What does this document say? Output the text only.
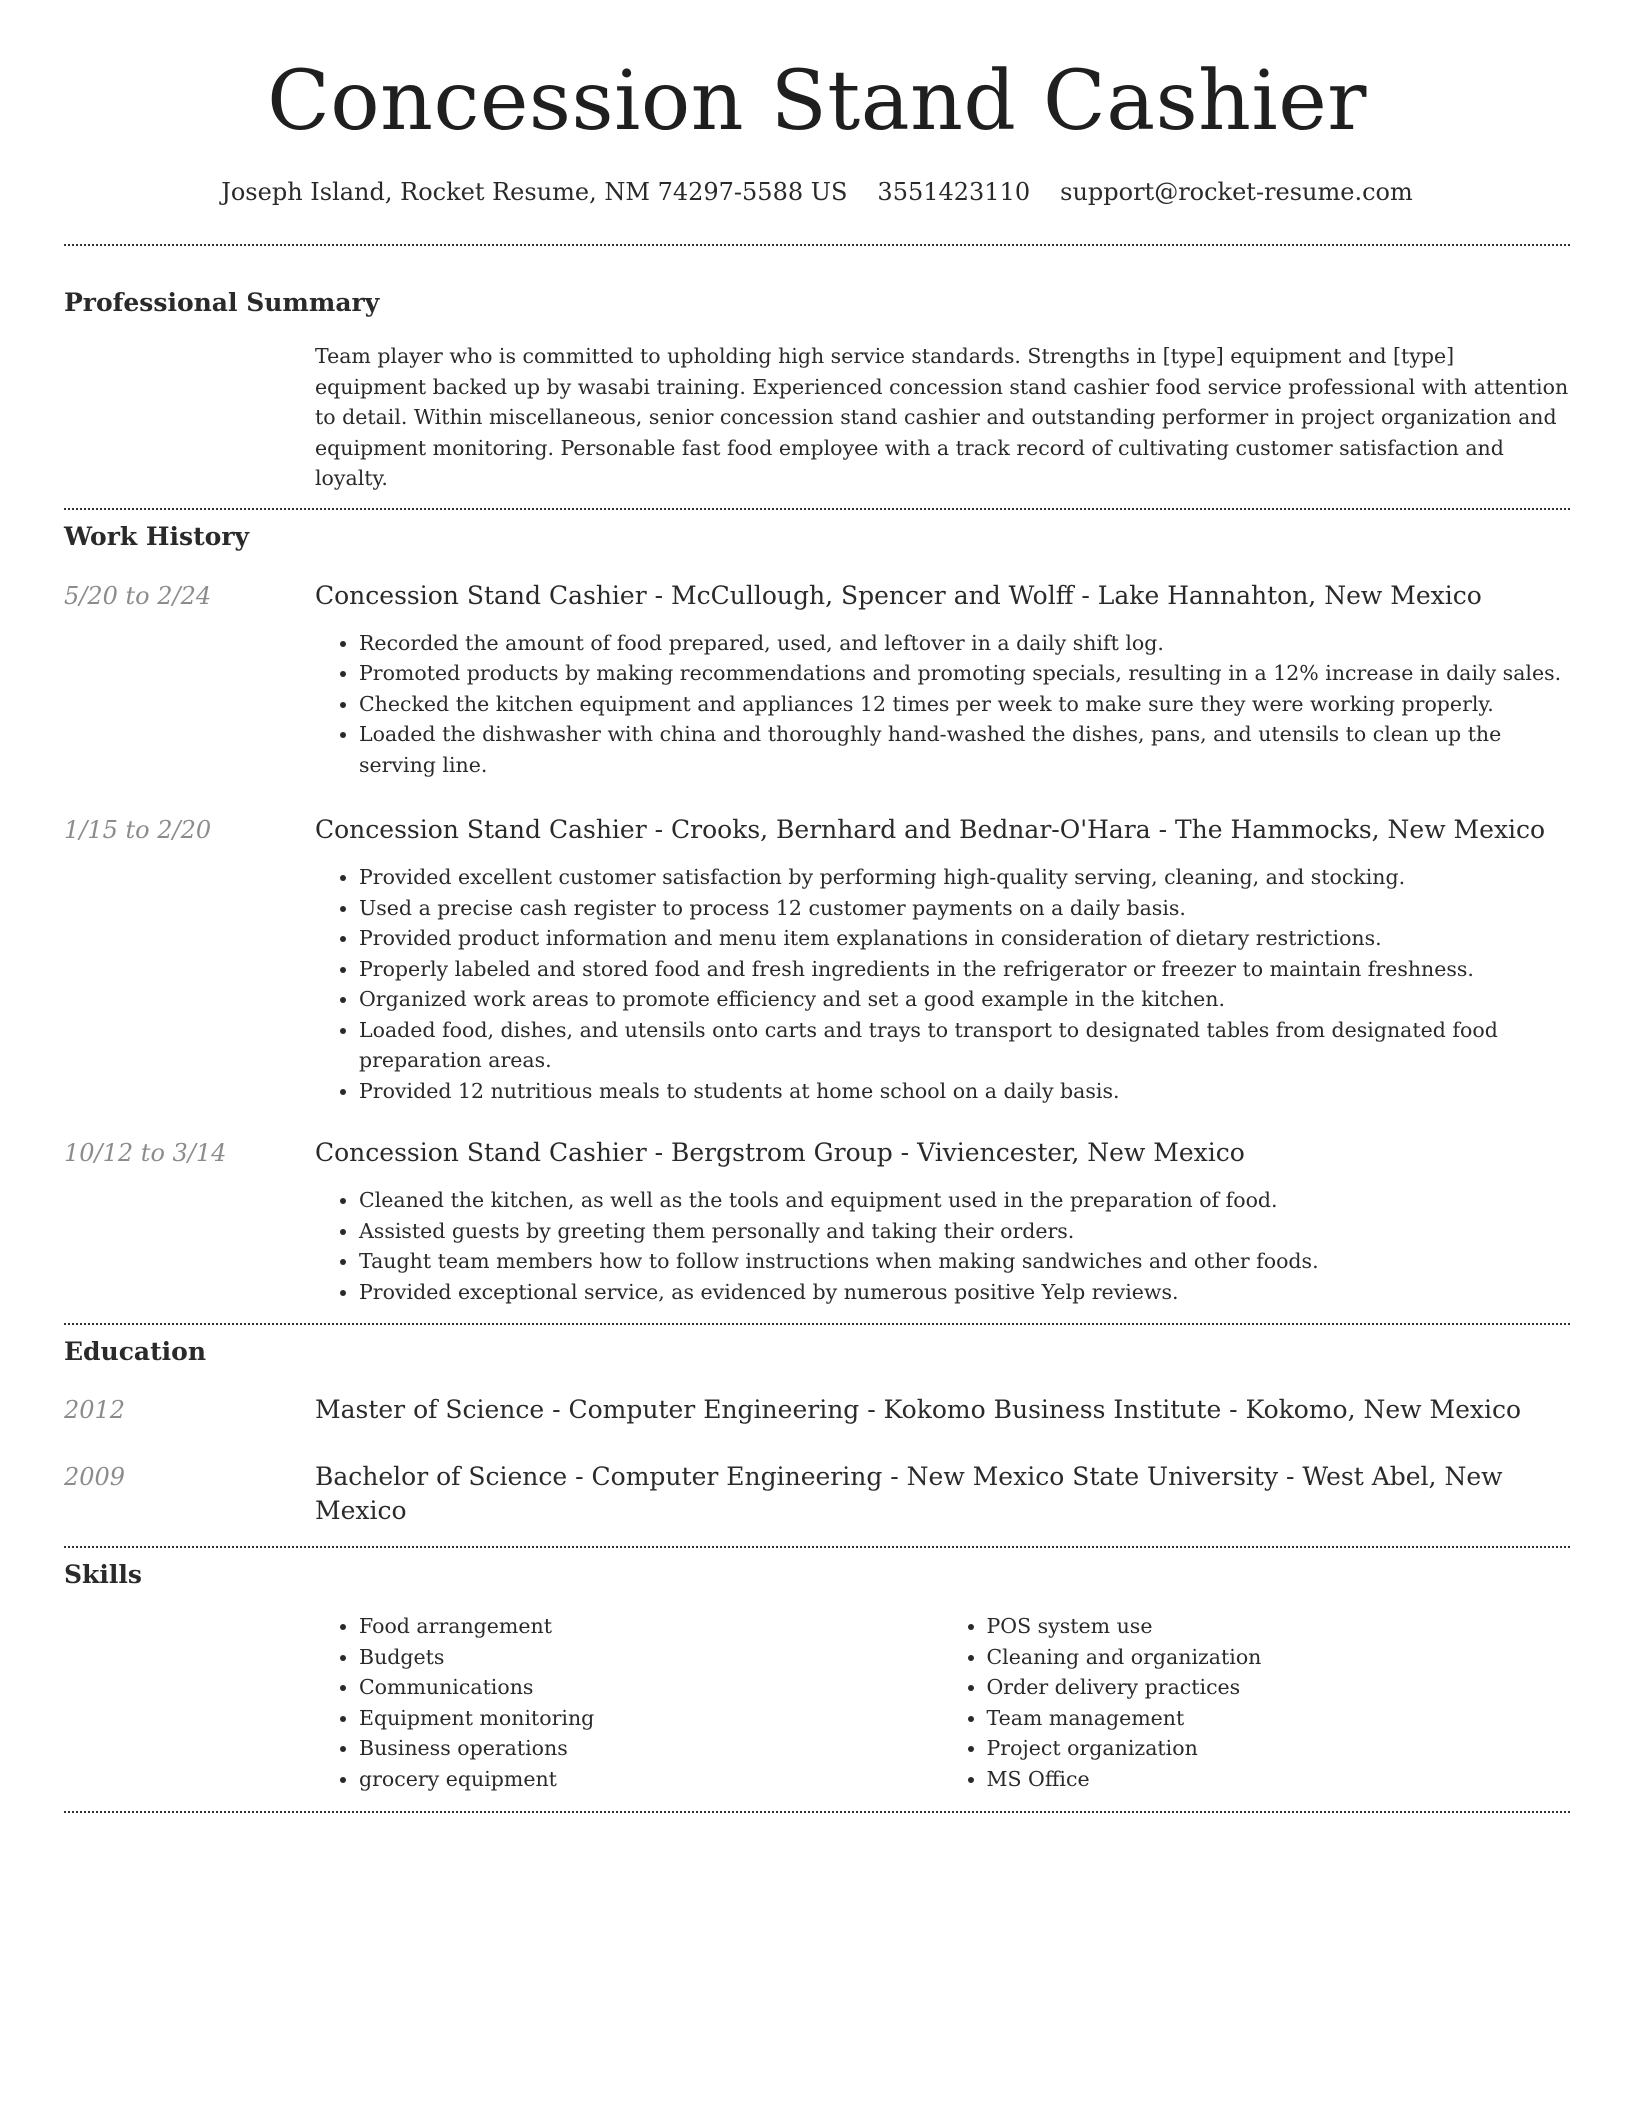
Concession Stand Cashier
Joseph Island, Rocket Resume, NM 74297-5588 US 3551423110 support@rocket-resume.com
Professional Summary
Team player who is committed to upholding high service standards. Strengths in [type] equipment and [type] equipment backed up by wasabi training. Experienced concession stand cashier food service professional with attention to detail. Within miscellaneous, senior concession stand cashier and outstanding performer in project organization and equipment monitoring. Personable fast food employee with a track record of cultivating customer satisfaction and loyalty.
Work History
5/20 to 2/24	Concession Stand Cashier - McCullough, Spencer and Wolff - Lake Hannahton, New Mexico
• Recorded the amount of food prepared, used, and leftover in a daily shift log.
• Promoted products by making recommendations and promoting specials, resulting in a 12% increase in daily sales.
• Checked the kitchen equipment and appliances 12 times per week to make sure they were working properly.
• Loaded the dishwasher with china and thoroughly hand-washed the dishes, pans, and utensils to clean up the serving line.
1/15 to 2/20	Concession Stand Cashier - Crooks, Bernhard and Bednar-O'Hara - The Hammocks, New Mexico
• Provided excellent customer satisfaction by performing high-quality serving, cleaning, and stocking.
• Used a precise cash register to process 12 customer payments on a daily basis.
• Provided product information and menu item explanations in consideration of dietary restrictions.
• Properly labeled and stored food and fresh ingredients in the refrigerator or freezer to maintain freshness.
• Organized work areas to promote efficiency and set a good example in the kitchen.
• Loaded food, dishes, and utensils onto carts and trays to transport to designated tables from designated food preparation areas.
• Provided 12 nutritious meals to students at home school on a daily basis.
10/12 to 3/14	Concession Stand Cashier - Bergstrom Group - Viviencester, New Mexico
• Cleaned the kitchen, as well as the tools and equipment used in the preparation of food.
• Assisted guests by greeting them personally and taking their orders.
• Taught team members how to follow instructions when making sandwiches and other foods.
• Provided exceptional service, as evidenced by numerous positive Yelp reviews.
Education
2012	Master of Science - Computer Engineering - Kokomo Business Institute - Kokomo, New Mexico
2009	Bachelor of Science - Computer Engineering - New Mexico State University - West Abel, New Mexico
Skills
• Food arrangement
• Budgets
• Communications
• Equipment monitoring
• Business operations
• grocery equipment
• POS system use
• Cleaning and organization
• Order delivery practices
• Team management
• Project organization
• MS Office
